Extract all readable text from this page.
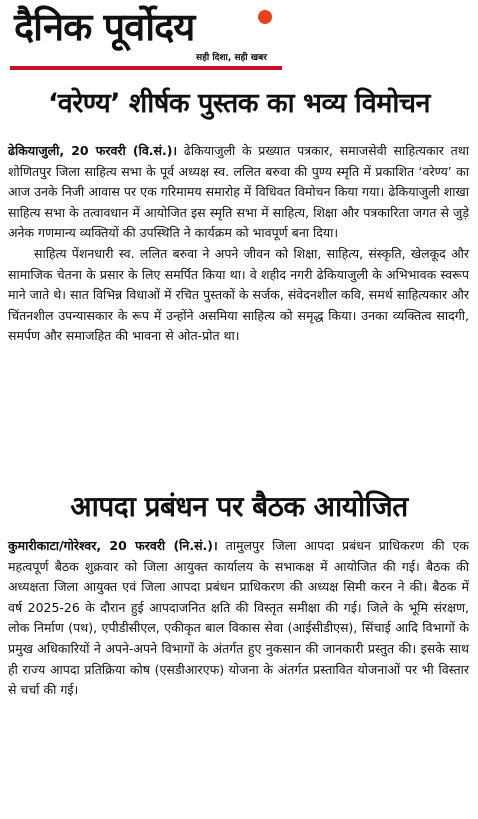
दैनिक पूर्वोदय
सही दिशा, सही खबर
‘वरेण्य’ शीर्षक पुस्तक का भव्य विमोचन

ढेकियाजुली, 20 फरवरी (वि.सं.)। ढेकियाजुली के प्रख्यात पत्रकार, समाजसेवी साहित्यकार तथा शोणितपुर जिला साहित्य सभा के पूर्व अध्यक्ष स्व. ललित बरुवा की पुण्य स्मृति में प्रकाशित ‘वरेण्य’ का आज उनके निजी आवास पर एक गरिमामय समारोह में विधिवत विमोचन किया गया। ढेकियाजुली शाखा साहित्य सभा के तत्वावधान में आयोजित इस स्मृति सभा में साहित्य, शिक्षा और पत्रकारिता जगत से जुड़े अनेक गणमान्य व्यक्तियों की उपस्थिति ने कार्यक्रम को भावपूर्ण बना दिया।

साहित्य पेंशनधारी स्व. ललित बरुवा ने अपने जीवन को शिक्षा, साहित्य, संस्कृति, खेलकूद और सामाजिक चेतना के प्रसार के लिए समर्पित किया था। वे शहीद नगरी ढेकियाजुली के अभिभावक स्वरूप माने जाते थे। सात विभिन्न विधाओं में रचित पुस्तकों के सर्जक, संवेदनशील कवि, समर्थ साहित्यकार और चिंतनशील उपन्यासकार के रूप में उन्होंने असमिया साहित्य को समृद्ध किया। उनका व्यक्तित्व सादगी, समर्पण और समाजहित की भावना से ओत-प्रोत था।

आपदा प्रबंधन पर बैठक आयोजित

कुमारीकाटा/गोरेश्वर, 20 फरवरी (नि.सं.)। तामुलपुर जिला आपदा प्रबंधन प्राधिकरण की एक महत्वपूर्ण बैठक शुक्रवार को जिला आयुक्त कार्यालय के सभाकक्ष में आयोजित की गई। बैठक की अध्यक्षता जिला आयुक्त एवं जिला आपदा प्रबंधन प्राधिकरण की अध्यक्ष सिमी करन ने की। बैठक में वर्ष 2025-26 के दौरान हुई आपदाजनित क्षति की विस्तृत समीक्षा की गई। जिले के भूमि संरक्षण, लोक निर्माण (पथ), एपीडीसीएल, एकीकृत बाल विकास सेवा (आईसीडीएस), सिंचाई आदि विभागों के प्रमुख अधिकारियों ने अपने-अपने विभागों के अंतर्गत हुए नुकसान की जानकारी प्रस्तुत की। इसके साथ ही राज्य आपदा प्रतिक्रिया कोष (एसडीआरएफ) योजना के अंतर्गत प्रस्तावित योजनाओं पर भी विस्तार से चर्चा की गई।
